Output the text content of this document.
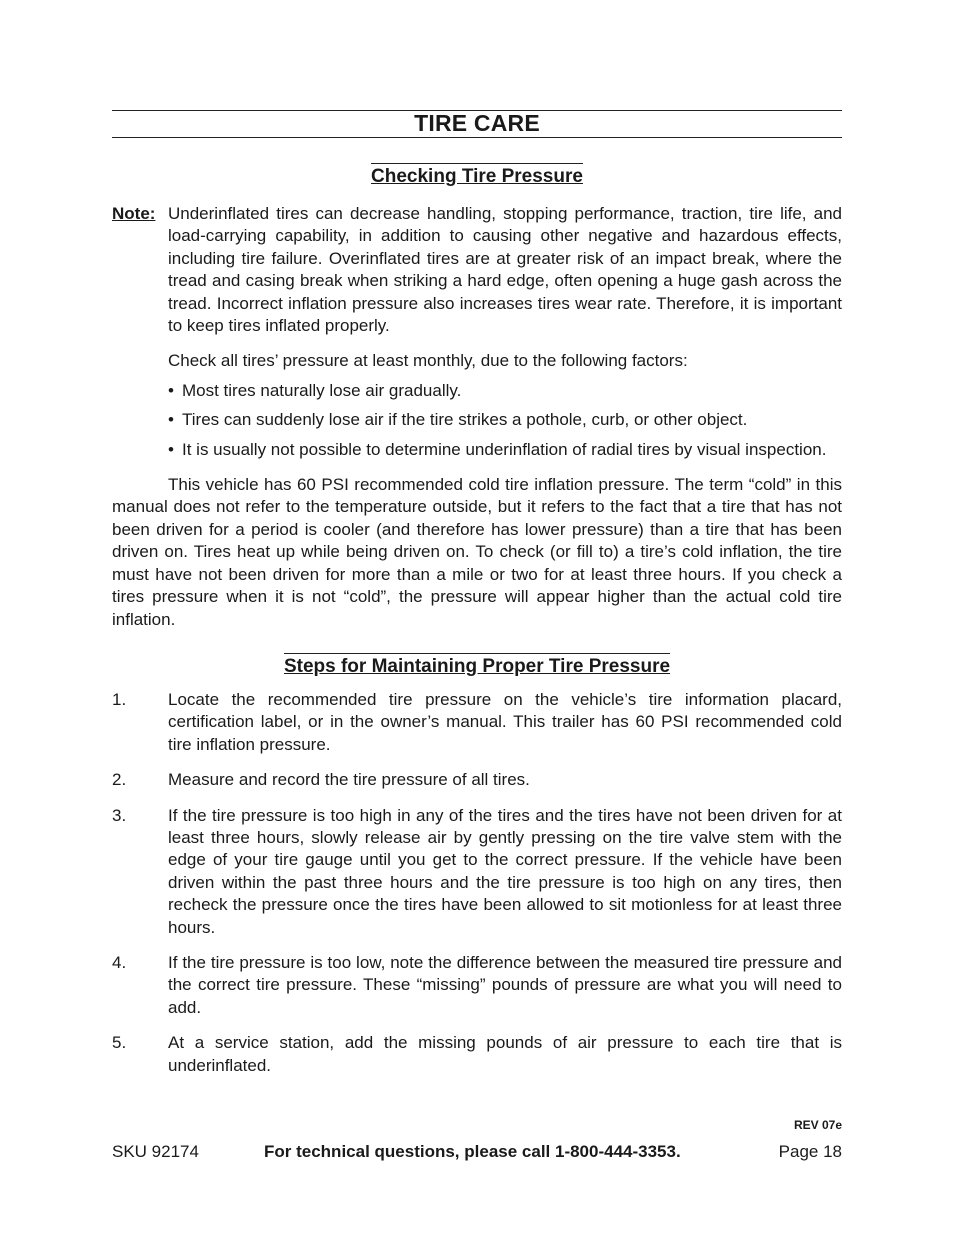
TIRE CARE
Checking Tire Pressure
Note: Underinflated tires can decrease handling, stopping performance, traction, tire life, and load-carrying capability, in addition to causing other negative and hazardous effects, including tire failure. Overinflated tires are at greater risk of an impact break, where the tread and casing break when striking a hard edge, often opening a huge gash across the tread. Incorrect inflation pressure also increases tires wear rate. Therefore, it is important to keep tires inflated properly.
Check all tires’ pressure at least monthly, due to the following factors:
• Most tires naturally lose air gradually.
• Tires can suddenly lose air if the tire strikes a pothole, curb, or other object.
• It is usually not possible to determine underinflation of radial tires by visual inspection.
This vehicle has 60 PSI recommended cold tire inflation pressure. The term “cold” in this manual does not refer to the temperature outside, but it refers to the fact that a tire that has not been driven for a period is cooler (and therefore has lower pressure) than a tire that has been driven on. Tires heat up while being driven on. To check (or fill to) a tire’s cold inflation, the tire must have not been driven for more than a mile or two for at least three hours. If you check a tires pressure when it is not “cold”, the pressure will appear higher than the actual cold tire inflation.
Steps for Maintaining Proper Tire Pressure
1. Locate the recommended tire pressure on the vehicle’s tire information placard, certification label, or in the owner’s manual. This trailer has 60 PSI recommended cold tire inflation pressure.
2. Measure and record the tire pressure of all tires.
3. If the tire pressure is too high in any of the tires and the tires have not been driven for at least three hours, slowly release air by gently pressing on the tire valve stem with the edge of your tire gauge until you get to the correct pressure. If the vehicle have been driven within the past three hours and the tire pressure is too high on any tires, then recheck the pressure once the tires have been allowed to sit motionless for at least three hours.
4. If the tire pressure is too low, note the difference between the measured tire pressure and the correct tire pressure. These “missing” pounds of pressure are what you will need to add.
5. At a service station, add the missing pounds of air pressure to each tire that is underinflated.
REV 07e
SKU 92174	For technical questions, please call 1-800-444-3353.	Page 18
